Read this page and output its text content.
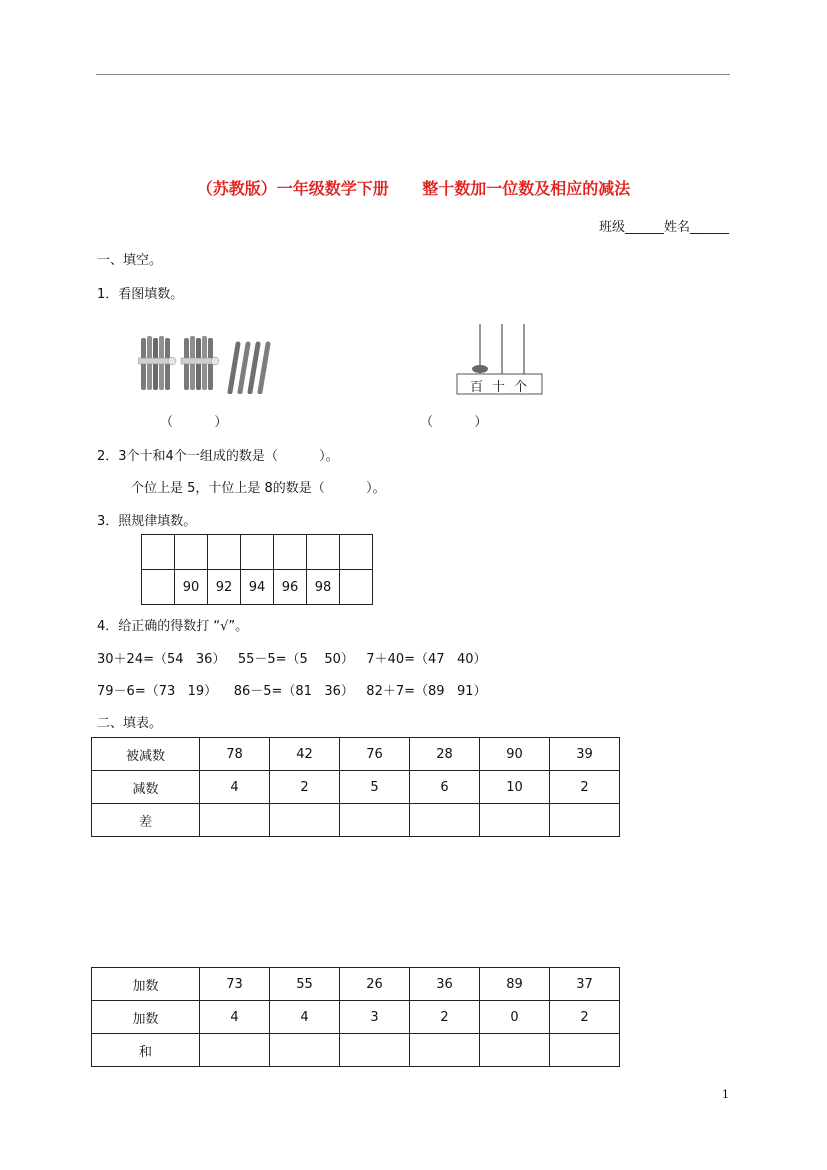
（苏教版）一年级数学下册      整十数加一位数及相应的减法
班级______姓名______
一、填空。
1．看图填数。
百 十 个
（          ）	（          ）
2．3个十和4个一组成的数是（          ）。
个位上是 5，十位上是 8的数是（          ）。
3．照规律填数。

	90	92	94	96	98	
4．给正确的得数打 “√”。
30＋24=（54   36）   55－5=（5    50）   7＋40=（47   40）
79－6=（73   19）    86－5=（81   36）   82＋7=（89   91）
二、填表。
被减数	78	42	76	28	90	39
减数	4	2	5	6	10	2
差						
加数	73	55	26	36	89	37
加数	4	4	3	2	0	2
和						
1
